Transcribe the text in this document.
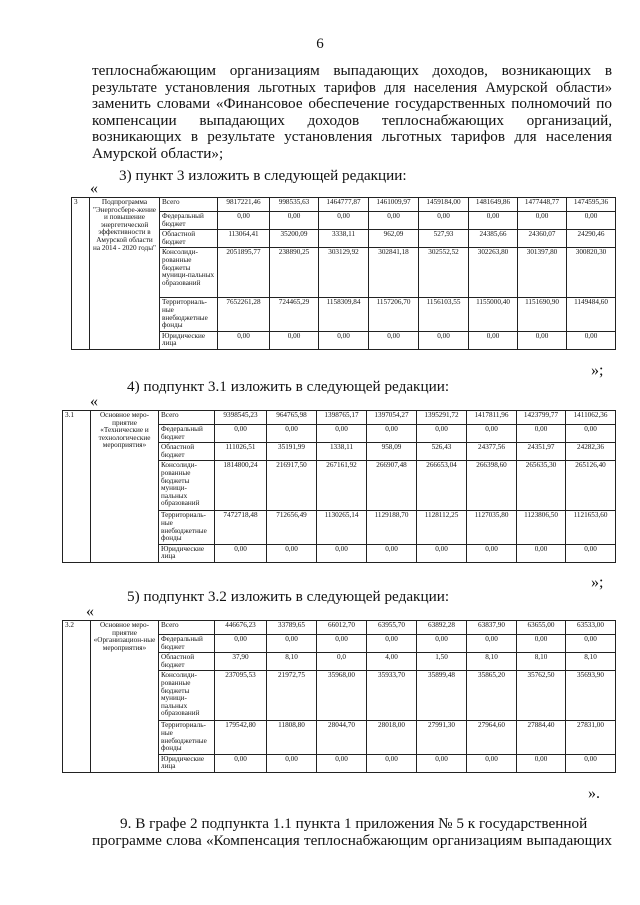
6
теплоснабжающим организациям выпадающих доходов, возникающих в
результате установления льготных тарифов для населения Амурской области»
заменить словами «Финансовое обеспечение государственных полномочий по
компенсации выпадающих доходов теплоснабжающих организаций,
возникающих в результате установления льготных тарифов для населения
Амурской области»;
3) пункт 3 изложить в следующей редакции:
«
3	Подпрограмма "Энергосбере-жение и повышение энергетической эффективности в Амурской области на 2014 - 2020 годы"	Всего	9817221,46	998535,63	1464777,87	1461009,97	1459184,00	1481649,86	1477448,77	1474595,36
		Федеральный бюджет	0,00	0,00	0,00	0,00	0,00	0,00	0,00	0,00
		Областной бюджет	113064,41	35200,09	3338,11	962,09	527,93	24385,66	24360,07	24290,46
		Консолиди-рованные бюджеты муници-пальных образований	2051895,77	238890,25	303129,92	302841,18	302552,52	302263,80	301397,80	300820,30
		Территориаль-ные внебюджетные фонды	7652261,28	724465,29	1158309,84	1157206,70	1156103,55	1155000,40	1151690,90	1149484,60
		Юридические лица	0,00	0,00	0,00	0,00	0,00	0,00	0,00	0,00
»;
4) подпункт 3.1 изложить в следующей редакции:
«
3.1	Основное меро-приятие «Технические и технологические мероприятия»	Всего	9398545,23	964765,98	1398765,17	1397054,27	1395291,72	1417811,96	1423799,77	1411062,36
		Федеральный бюджет	0,00	0,00	0,00	0,00	0,00	0,00	0,00	0,00
		Областной бюджет	111026,51	35191,99	1338,11	958,09	526,43	24377,56	24351,97	24282,36
		Консолиди-рованные бюджеты муници-пальных образований	1814800,24	216917,50	267161,92	266907,48	266653,04	266398,60	265635,30	265126,40
		Территориаль-ные внебюджетные фонды	7472718,48	712656,49	1130265,14	1129188,70	1128112,25	1127035,80	1123806,50	1121653,60
		Юридические лица	0,00	0,00	0,00	0,00	0,00	0,00	0,00	0,00
»;
5) подпункт 3.2 изложить в следующей редакции:
«
3.2	Основное меро-приятие «Организацион-ные мероприятия»	Всего	446676,23	33789,65	66012,70	63955,70	63892,28	63837,90	63655,00	63533,00
		Федеральный бюджет	0,00	0,00	0,00	0,00	0,00	0,00	0,00	0,00
		Областной бюджет	37,90	8,10	0,0	4,00	1,50	8,10	8,10	8,10
		Консолиди-рованные бюджеты муници-пальных образований	237095,53	21972,75	35968,00	35933,70	35899,48	35865,20	35762,50	35693,90
		Территориаль-ные внебюджетные фонды	179542,80	11808,80	28044,70	28018,00	27991,30	27964,60	27884,40	27831,00
		Юридические лица	0,00	0,00	0,00	0,00	0,00	0,00	0,00	0,00
».
9. В графе 2 подпункта 1.1 пункта 1 приложения № 5 к государственной
программе слова «Компенсация теплоснабжающим организациям выпадающих
